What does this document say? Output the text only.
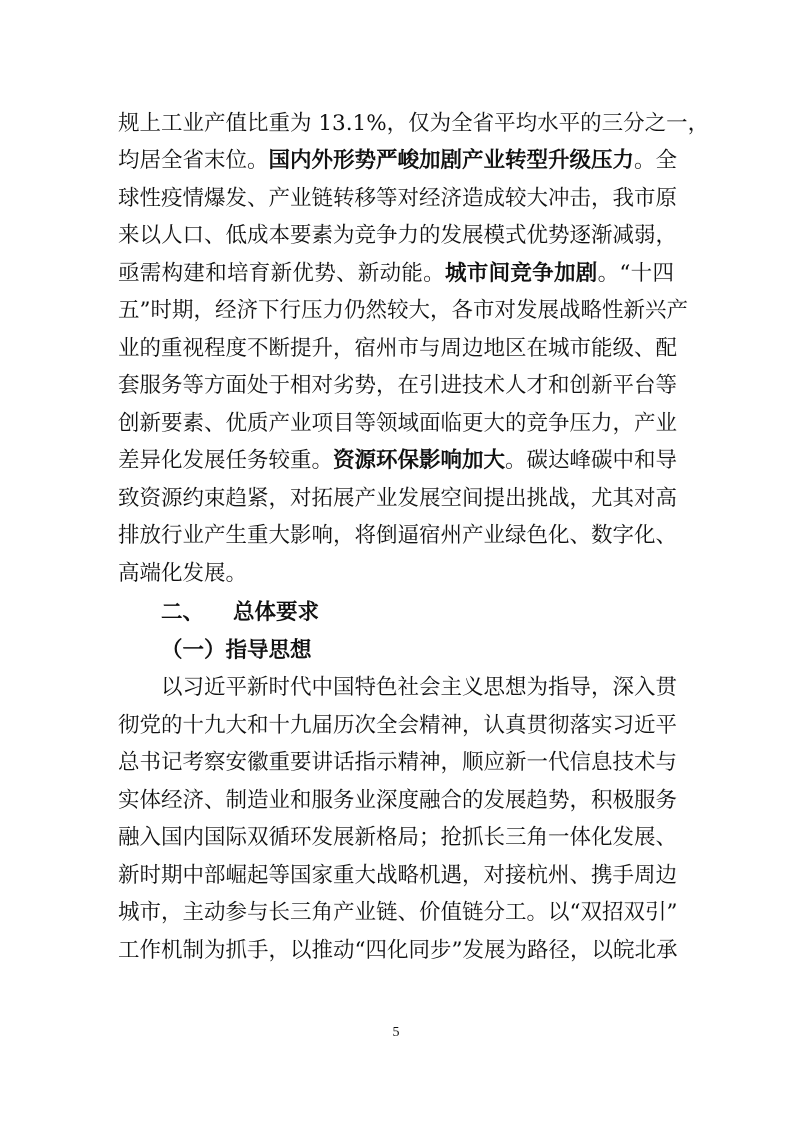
规上工业产值比重为 13.1%，仅为全省平均水平的三分之一，
均居全省末位。国内外形势严峻加剧产业转型升级压力。全
球性疫情爆发、产业链转移等对经济造成较大冲击，我市原
来以人口、低成本要素为竞争力的发展模式优势逐渐减弱，
亟需构建和培育新优势、新动能。城市间竞争加剧。“十四
五”时期，经济下行压力仍然较大，各市对发展战略性新兴产
业的重视程度不断提升，宿州市与周边地区在城市能级、配
套服务等方面处于相对劣势，在引进技术人才和创新平台等
创新要素、优质产业项目等领域面临更大的竞争压力，产业
差异化发展任务较重。资源环保影响加大。碳达峰碳中和导
致资源约束趋紧，对拓展产业发展空间提出挑战，尤其对高
排放行业产生重大影响，将倒逼宿州产业绿色化、数字化、
高端化发展。
二、 总体要求
（一）指导思想
以习近平新时代中国特色社会主义思想为指导，深入贯
彻党的十九大和十九届历次全会精神，认真贯彻落实习近平
总书记考察安徽重要讲话指示精神，顺应新一代信息技术与
实体经济、制造业和服务业深度融合的发展趋势，积极服务
融入国内国际双循环发展新格局；抢抓长三角一体化发展、
新时期中部崛起等国家重大战略机遇，对接杭州、携手周边
城市，主动参与长三角产业链、价值链分工。以“双招双引”
工作机制为抓手，以推动“四化同步”发展为路径，以皖北承
5
